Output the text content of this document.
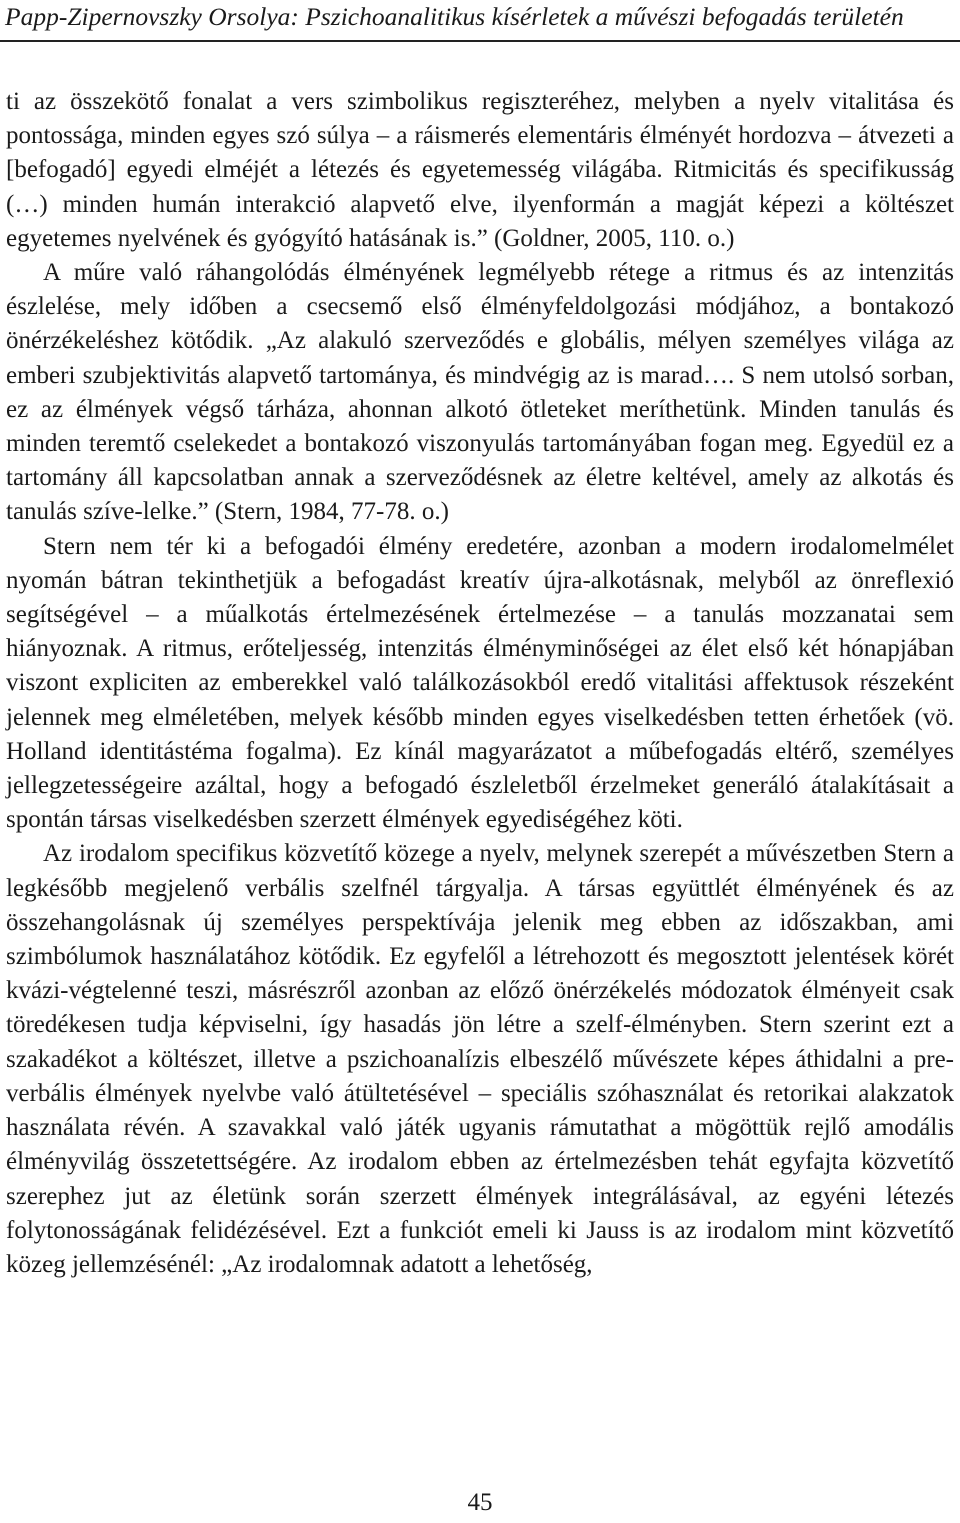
Papp-Zipernovszky Orsolya: Pszichoanalitikus kísérletek a művészi befogadás területén

ti az összekötő fonalat a vers szimbolikus regiszteréhez, melyben a nyelv vitalitása és pontossága, minden egyes szó súlya – a ráismerés elementáris élményét hordozva – átvezeti a [befogadó] egyedi elméjét a létezés és egyetemesség világába. Ritmicitás és specifikusság (…) minden humán interakció alapvető elve, ilyenformán a magját képezi a költészet egyetemes nyelvének és gyógyító hatásának is.” (Goldner, 2005, 110. o.)

A műre való ráhangolódás élményének legmélyebb rétege a ritmus és az intenzitás észlelése, mely időben a csecsemő első élményfeldolgozási módjához, a bontakozó önérzékeléshez kötődik. „Az alakuló szerveződés e globális, mélyen személyes világa az emberi szubjektivitás alapvető tartománya, és mindvégig az is marad…. S nem utolsó sorban, ez az élmények végső tárháza, ahonnan alkotó ötleteket meríthetünk. Minden tanulás és minden teremtő cselekedet a bontakozó viszonyulás tartományában fogan meg. Egyedül ez a tartomány áll kapcsolatban annak a szerveződésnek az életre keltével, amely az alkotás és tanulás szíve-lelke.” (Stern, 1984, 77-78. o.)

Stern nem tér ki a befogadói élmény eredetére, azonban a modern irodalomelmélet nyomán bátran tekinthetjük a befogadást kreatív újra-alkotásnak, melyből az önreflexió segítségével – a műalkotás értelmezésének értelmezése – a tanulás mozzanatai sem hiányoznak. A ritmus, erőteljesség, intenzitás élményminőségei az élet első két hónapjában viszont expliciten az emberekkel való találkozásokból eredő vitalitási affektusok részeként jelennek meg elméletében, melyek később minden egyes viselkedésben tetten érhetőek (vö. Holland identitástéma fogalma). Ez kínál magyarázatot a műbefogadás eltérő, személyes jellegzetességeire azáltal, hogy a befogadó észleletből érzelmeket generáló átalakításait a spontán társas viselkedésben szerzett élmények egyediségéhez köti.

Az irodalom specifikus közvetítő közege a nyelv, melynek szerepét a művészetben Stern a legkésőbb megjelenő verbális szelfnél tárgyalja. A társas együttlét élményének és az összehangolásnak új személyes perspektívája jelenik meg ebben az időszakban, ami szimbólumok használatához kötődik. Ez egyfelől a létrehozott és megosztott jelentések körét kvázi-végtelenné teszi, másrészről azonban az előző önérzékelés módozatok élményeit csak töredékesen tudja képviselni, így hasadás jön létre a szelf-élményben. Stern szerint ezt a szakadékot a költészet, illetve a pszichoanalízis elbeszélő művészete képes áthidalni a pre-verbális élmények nyelvbe való átültetésével – speciális szóhasználat és retorikai alakzatok használata révén. A szavakkal való játék ugyanis rámutathat a mögöttük rejlő amodális élményvilág összetettségére. Az irodalom ebben az értelmezésben tehát egyfajta közvetítő szerephez jut az életünk során szerzett élmények integrálásával, az egyéni létezés folytonosságának felidézésével. Ezt a funkciót emeli ki Jauss is az irodalom mint közvetítő közeg jellemzésénél: „Az irodalomnak adatott a lehetőség,

45
